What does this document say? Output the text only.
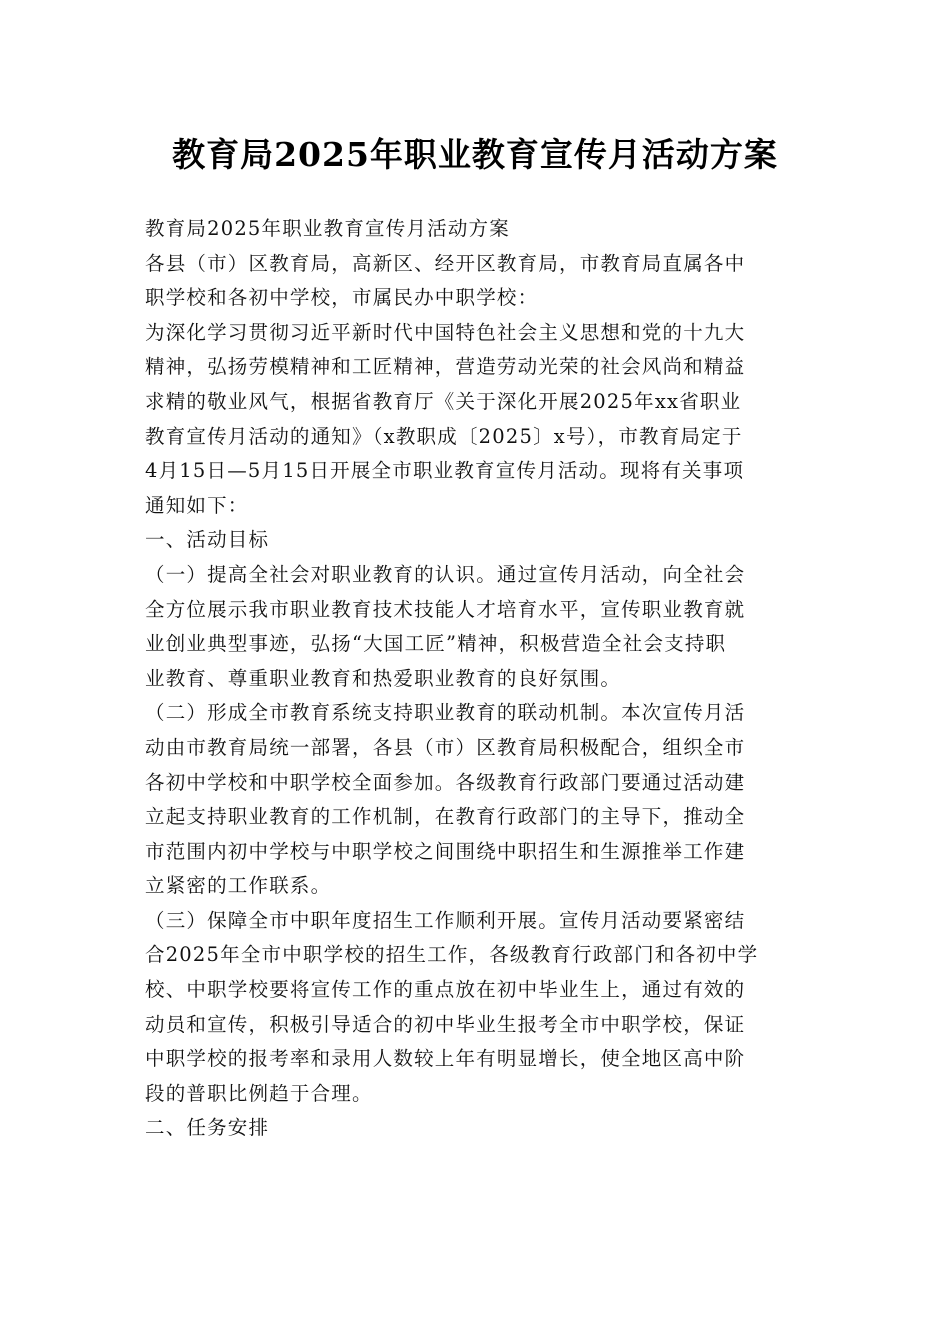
教育局2025年职业教育宣传月活动方案
教育局2025年职业教育宣传月活动方案
各县（市）区教育局，高新区、经开区教育局，市教育局直属各中
职学校和各初中学校，市属民办中职学校：
为深化学习贯彻习近平新时代中国特色社会主义思想和党的十九大
精神，弘扬劳模精神和工匠精神，营造劳动光荣的社会风尚和精益
求精的敬业风气，根据省教育厅《关于深化开展2025年xx省职业
教育宣传月活动的通知》（x教职成〔2025〕x号），市教育局定于
4月15日—5月15日开展全市职业教育宣传月活动。现将有关事项
通知如下：
一、活动目标
（一）提高全社会对职业教育的认识。通过宣传月活动，向全社会
全方位展示我市职业教育技术技能人才培育水平，宣传职业教育就
业创业典型事迹，弘扬“大国工匠”精神，积极营造全社会支持职
业教育、尊重职业教育和热爱职业教育的良好氛围。
（二）形成全市教育系统支持职业教育的联动机制。本次宣传月活
动由市教育局统一部署，各县（市）区教育局积极配合，组织全市
各初中学校和中职学校全面参加。各级教育行政部门要通过活动建
立起支持职业教育的工作机制，在教育行政部门的主导下，推动全
市范围内初中学校与中职学校之间围绕中职招生和生源推举工作建
立紧密的工作联系。
（三）保障全市中职年度招生工作顺利开展。宣传月活动要紧密结
合2025年全市中职学校的招生工作，各级教育行政部门和各初中学
校、中职学校要将宣传工作的重点放在初中毕业生上，通过有效的
动员和宣传，积极引导适合的初中毕业生报考全市中职学校，保证
中职学校的报考率和录用人数较上年有明显增长，使全地区高中阶
段的普职比例趋于合理。
二、任务安排
